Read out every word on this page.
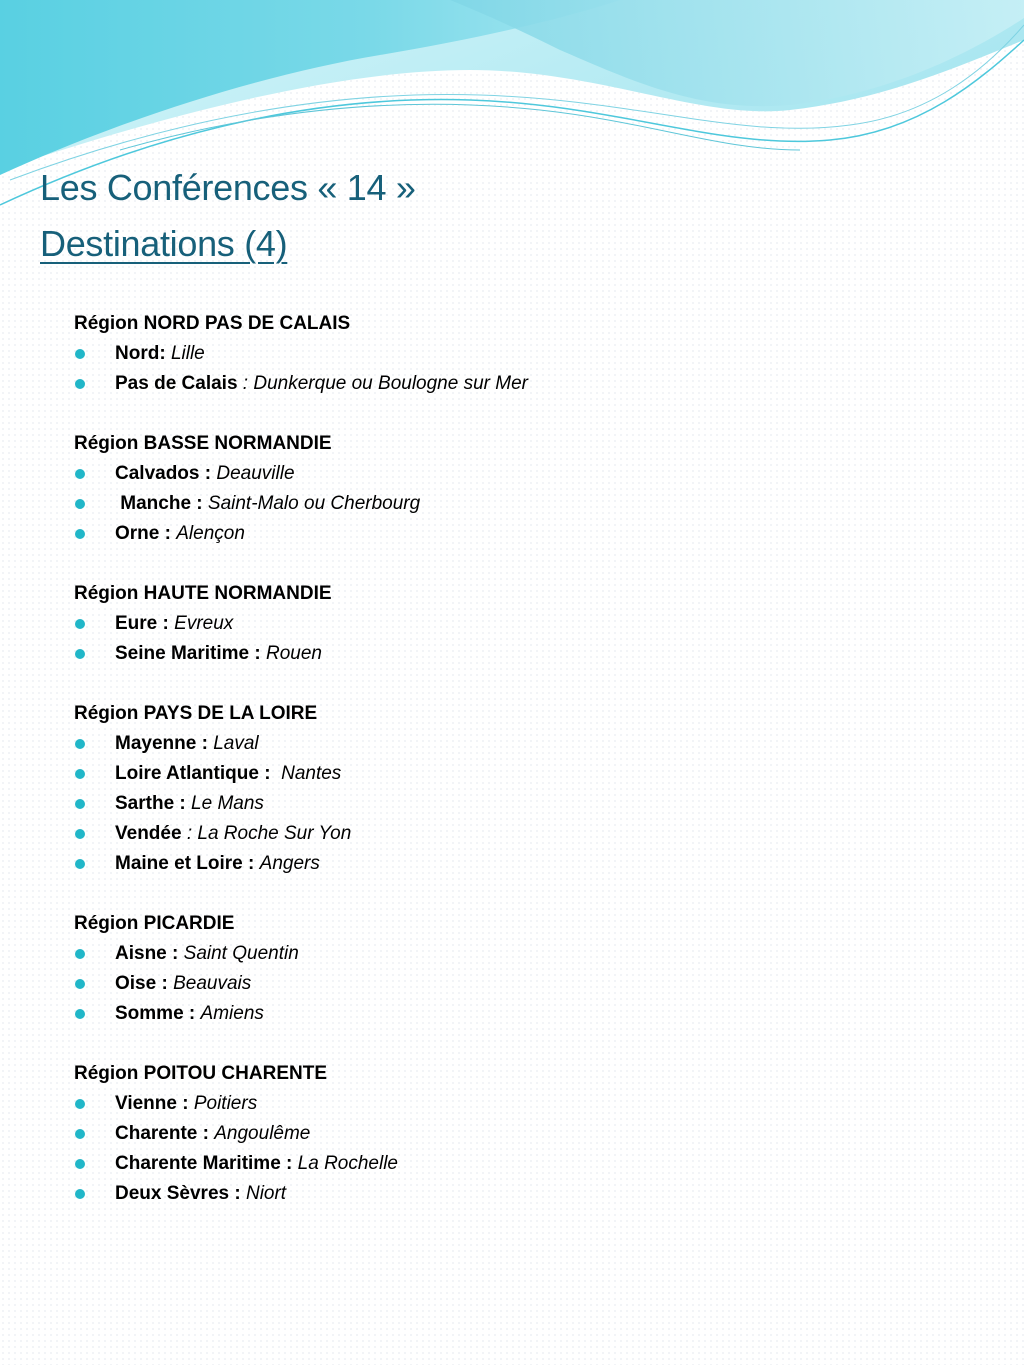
Les Conférences « 14 »
Destinations (4)
Région NORD PAS DE CALAIS
Nord: Lille
Pas de Calais : Dunkerque ou Boulogne sur Mer
Région BASSE NORMANDIE
Calvados : Deauville
Manche : Saint-Malo ou Cherbourg
Orne : Alençon
Région HAUTE NORMANDIE
Eure : Evreux
Seine Maritime : Rouen
Région PAYS DE LA LOIRE
Mayenne : Laval
Loire Atlantique :  Nantes
Sarthe : Le Mans
Vendée : La Roche Sur Yon
Maine et Loire : Angers
Région PICARDIE
Aisne : Saint Quentin
Oise : Beauvais
Somme : Amiens
Région POITOU CHARENTE
Vienne : Poitiers
Charente : Angoulême
Charente Maritime : La Rochelle
Deux Sèvres : Niort
